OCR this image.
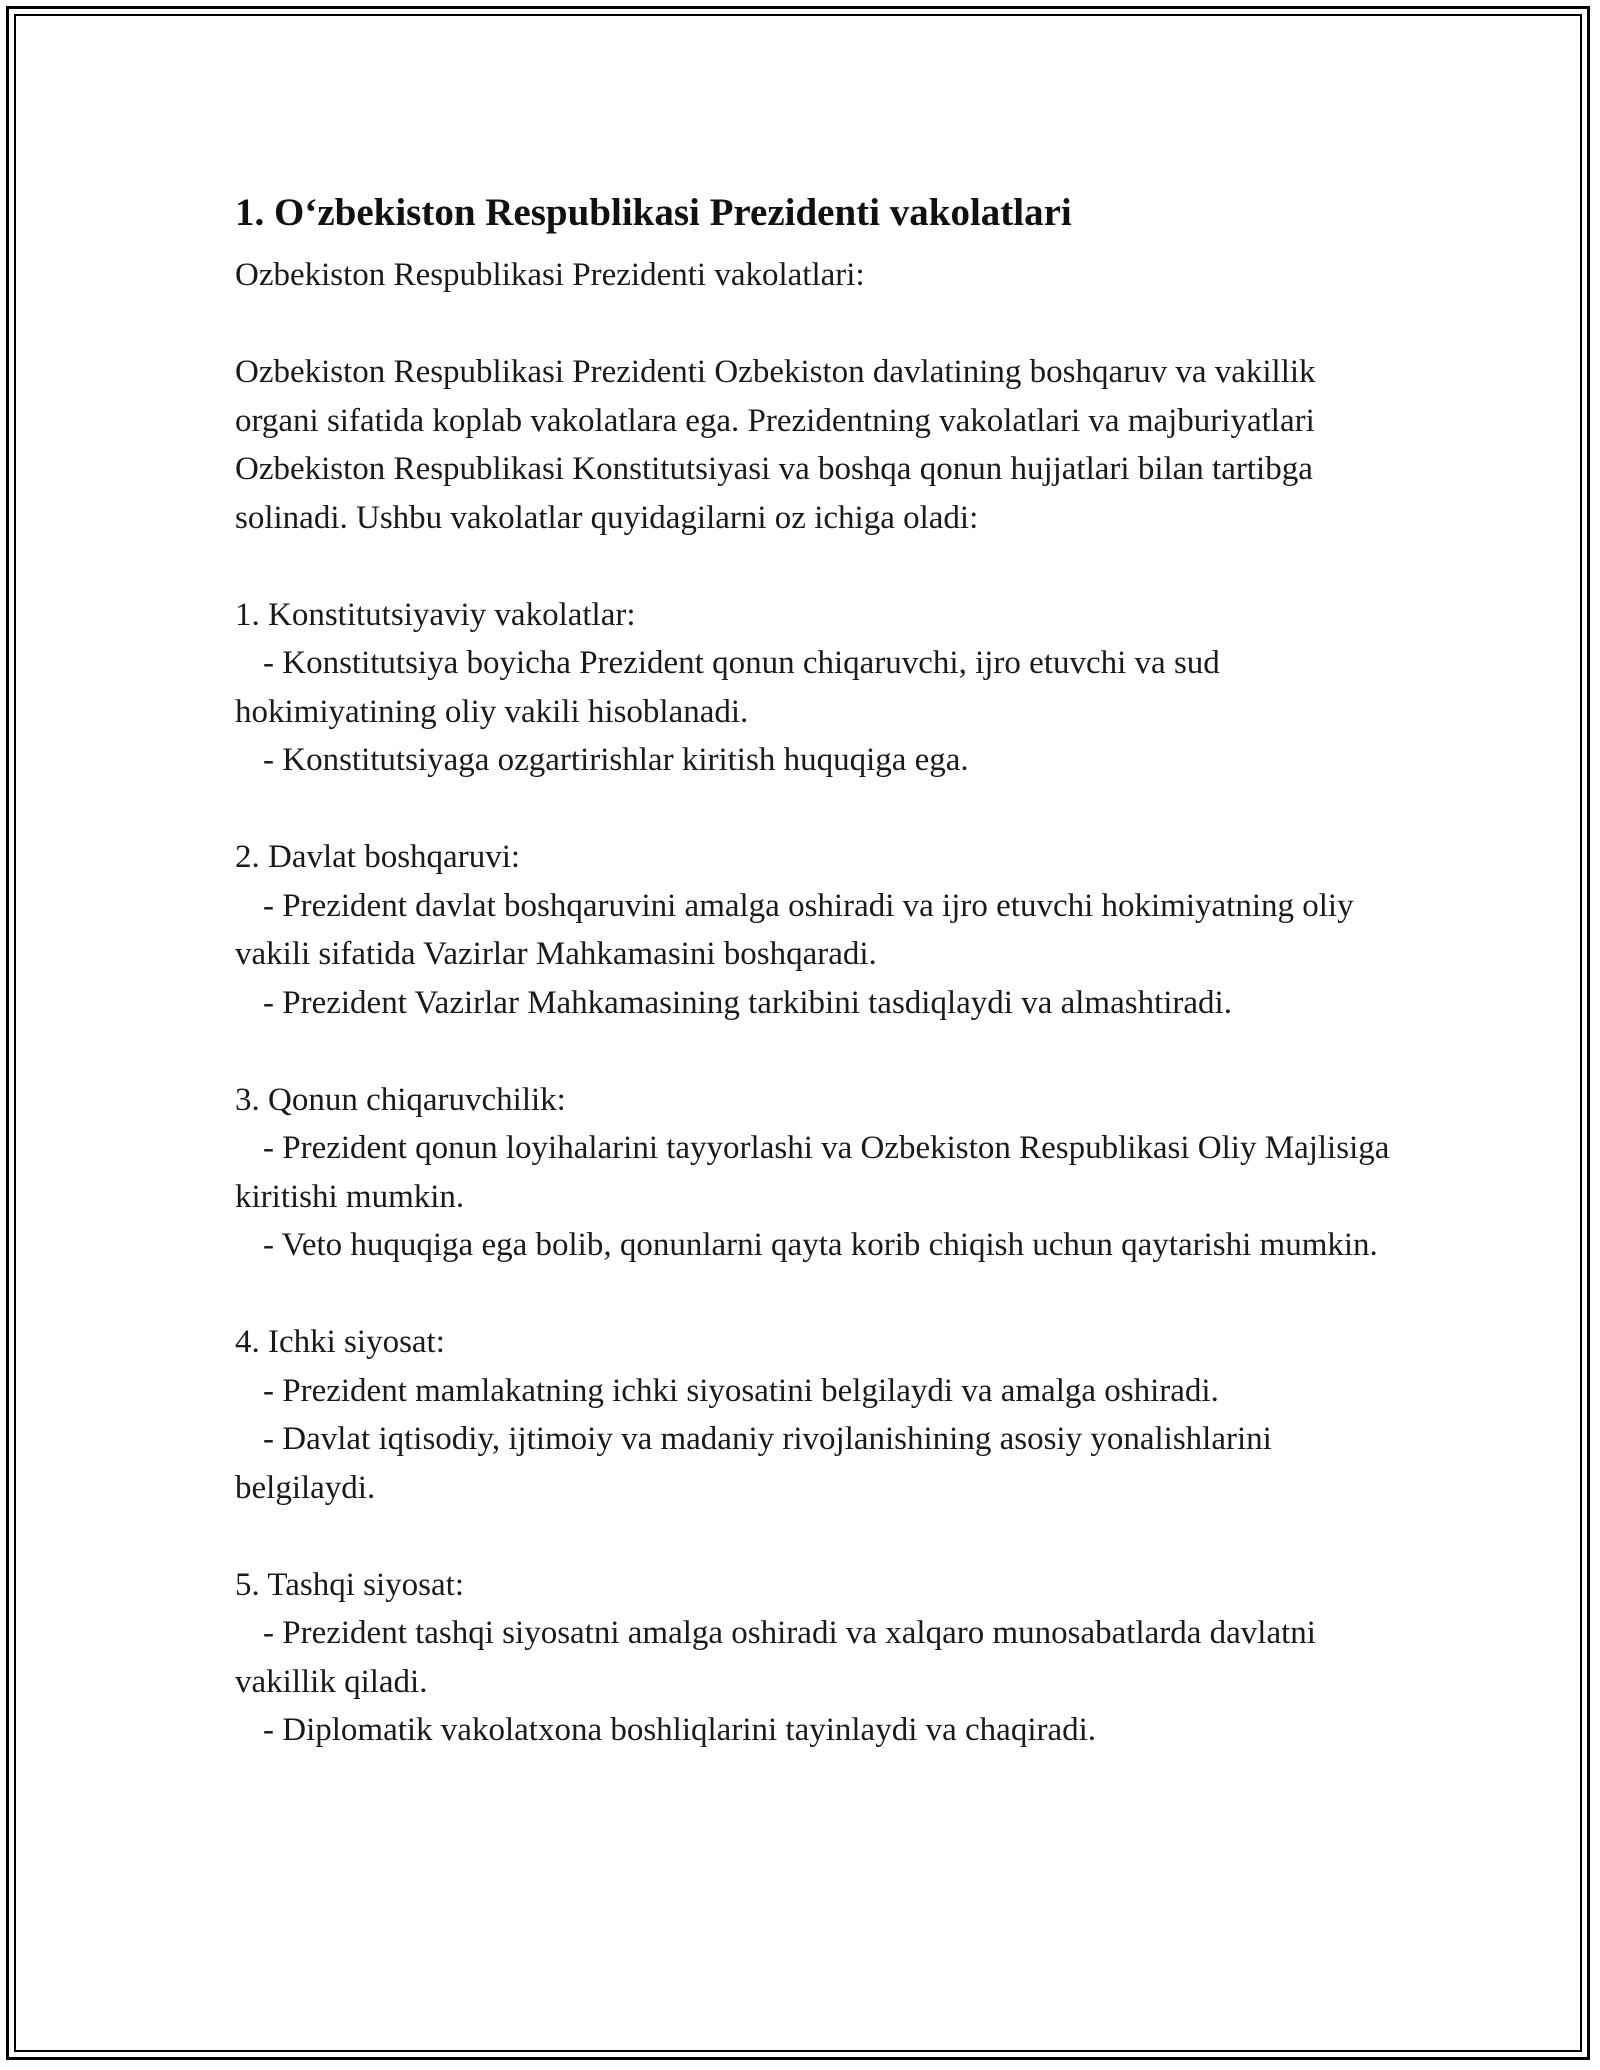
1. Oʻzbekiston Respublikasi Prezidenti vakolatlari

Ozbekiston Respublikasi Prezidenti vakolatlari:

Ozbekiston Respublikasi Prezidenti Ozbekiston davlatining boshqaruv va vakillik organi sifatida koplab vakolatlara ega. Prezidentning vakolatlari va majburiyatlari Ozbekiston Respublikasi Konstitutsiyasi va boshqa qonun hujjatlari bilan tartibga solinadi. Ushbu vakolatlar quyidagilarni oz ichiga oladi:

1. Konstitutsiyaviy vakolatlar:

- Konstitutsiya boyicha Prezident qonun chiqaruvchi, ijro etuvchi va sud hokimiyatining oliy vakili hisoblanadi.

- Konstitutsiyaga ozgartirishlar kiritish huquqiga ega.

2. Davlat boshqaruvi:

- Prezident davlat boshqaruvini amalga oshiradi va ijro etuvchi hokimiyatning oliy vakili sifatida Vazirlar Mahkamasini boshqaradi.

- Prezident Vazirlar Mahkamasining tarkibini tasdiqlaydi va almashtiradi.

3. Qonun chiqaruvchilik:

- Prezident qonun loyihalarini tayyorlashi va Ozbekiston Respublikasi Oliy Majlisiga kiritishi mumkin.

- Veto huquqiga ega bolib, qonunlarni qayta korib chiqish uchun qaytarishi mumkin.

4. Ichki siyosat:

- Prezident mamlakatning ichki siyosatini belgilaydi va amalga oshiradi.

- Davlat iqtisodiy, ijtimoiy va madaniy rivojlanishining asosiy yonalishlarini belgilaydi.

5. Tashqi siyosat:

- Prezident tashqi siyosatni amalga oshiradi va xalqaro munosabatlarda davlatni vakillik qiladi.

- Diplomatik vakolatxona boshliqlarini tayinlaydi va chaqiradi.
